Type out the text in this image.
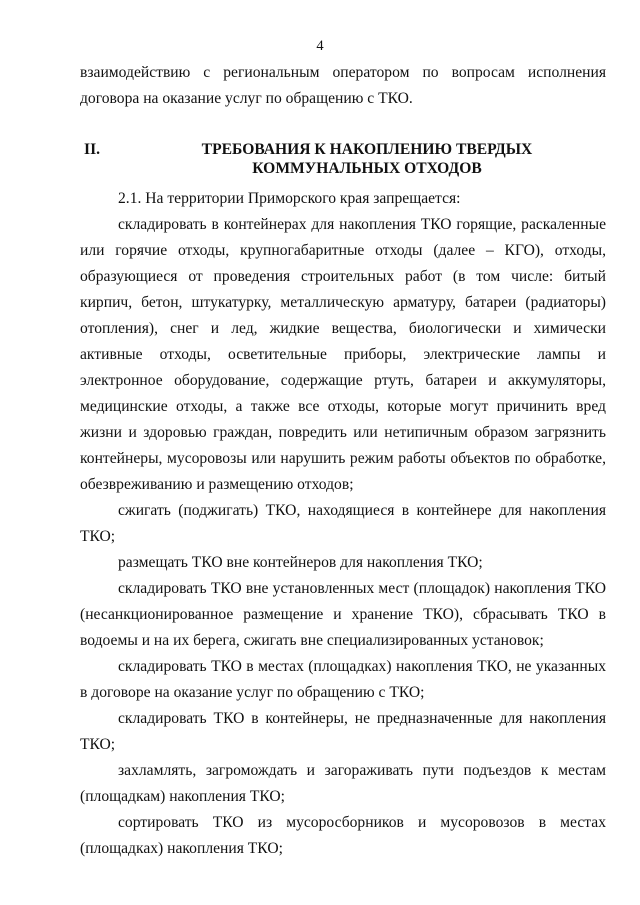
4

взаимодействию с региональным оператором по вопросам исполнения договора на оказание услуг по обращению с ТКО.

II.	ТРЕБОВАНИЯ К НАКОПЛЕНИЮ ТВЕРДЫХ КОММУНАЛЬНЫХ ОТХОДОВ

2.1. На территории Приморского края запрещается:

складировать в контейнерах для накопления ТКО горящие, раскаленные или горячие отходы, крупногабаритные отходы (далее – КГО), отходы, образующиеся от проведения строительных работ (в том числе: битый кирпич, бетон, штукатурку, металлическую арматуру, батареи (радиаторы) отопления), снег и лед, жидкие вещества, биологически и химически активные отходы, осветительные приборы, электрические лампы и электронное оборудование, содержащие ртуть, батареи и аккумуляторы, медицинские отходы, а также все отходы, которые могут причинить вред жизни и здоровью граждан, повредить или нетипичным образом загрязнить контейнеры, мусоровозы или нарушить режим работы объектов по обработке, обезвреживанию и размещению отходов;

сжигать (поджигать) ТКО, находящиеся в контейнере для накопления ТКО;

размещать ТКО вне контейнеров для накопления ТКО;

складировать ТКО вне установленных мест (площадок) накопления ТКО (несанкционированное размещение и хранение ТКО), сбрасывать ТКО в водоемы и на их берега, сжигать вне специализированных установок;

складировать ТКО в местах (площадках) накопления ТКО, не указанных в договоре на оказание услуг по обращению с ТКО;

складировать ТКО в контейнеры, не предназначенные для накопления ТКО;

захламлять, загромождать и загораживать пути подъездов к местам (площадкам) накопления ТКО;

сортировать ТКО из мусоросборников и мусоровозов в местах (площадках) накопления ТКО;
